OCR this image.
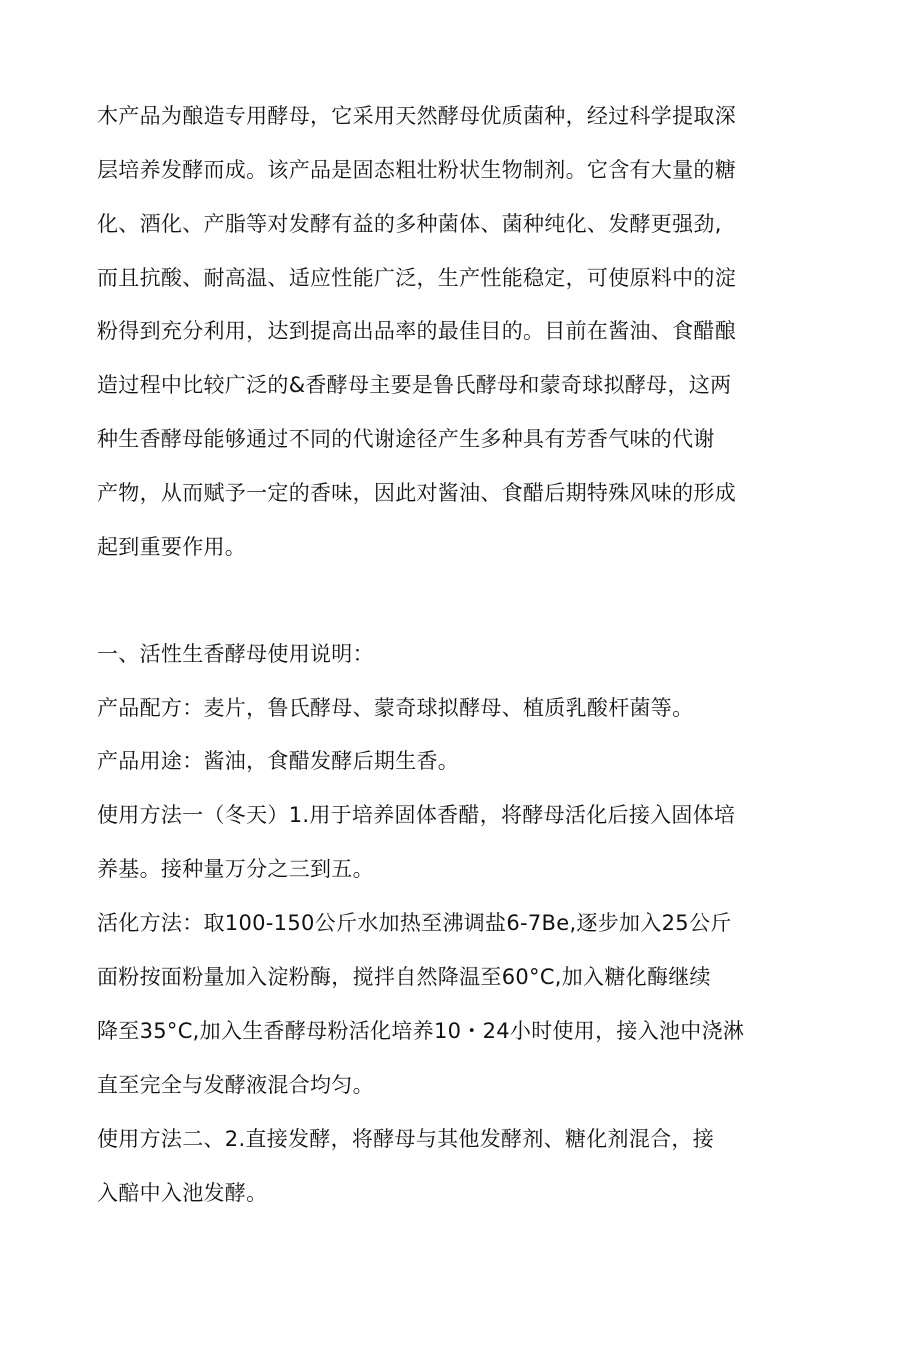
木产品为酿造专用酵母，它采用天然酵母优质菌种，经过科学提取深
层培养发酵而成。该产品是固态粗壮粉状生物制剂。它含有大量的糖
化、酒化、产脂等对发酵有益的多种菌体、菌种纯化、发酵更强劲,
而且抗酸、耐高温、适应性能广泛，生产性能稳定，可使原料中的淀
粉得到充分利用，达到提高出品率的最佳目的。目前在酱油、食醋酿
造过程中比较广泛的&香酵母主要是鲁氏酵母和蒙奇球拟酵母，这两
种生香酵母能够通过不同的代谢途径产生多种具有芳香气味的代谢
产物，从而赋予一定的香味，因此对酱油、食醋后期特殊风味的形成
起到重要作用。
一、活性生香酵母使用说明：
产品配方：麦片，鲁氏酵母、蒙奇球拟酵母、植质乳酸杆菌等。
产品用途：酱油，食醋发酵后期生香。
使用方法一（冬天）1.用于培养固体香醋，将酵母活化后接入固体培
养基。接种量万分之三到五。
活化方法：取100-150公斤水加热至沸调盐6-7Be,逐步加入25公斤
面粉按面粉量加入淀粉酶，搅拌自然降温至60°C,加入糖化酶继续
降至35°C,加入生香酵母粉活化培养10・24小时使用，接入池中浇淋
直至完全与发酵液混合均匀。
使用方法二、2.直接发酵，将酵母与其他发酵剂、糖化剂混合，接
入醅中入池发酵。
